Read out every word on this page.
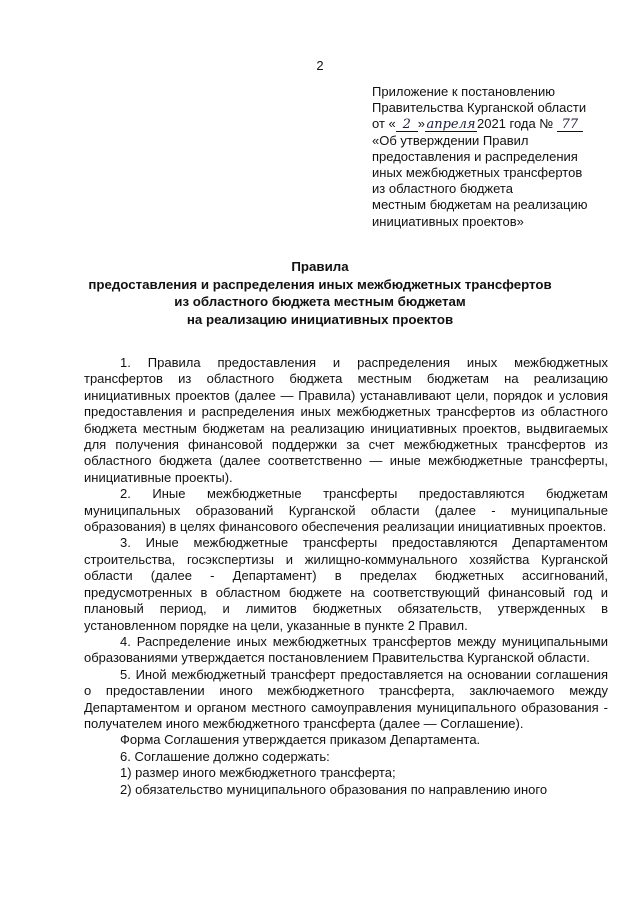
2
Приложение к постановлению
Правительства Курганской области
от « 2 »апреля2021 года № 77
«Об утверждении Правил
предоставления и распределения
иных межбюджетных трансфертов
из областного бюджета
местным бюджетам на реализацию
инициативных проектов»
Правила
предоставления и распределения иных межбюджетных трансфертов
из областного бюджета местным бюджетам
на реализацию инициативных проектов

1. Правила предоставления и распределения иных межбюджетных трансфертов из областного бюджета местным бюджетам на реализацию инициативных проектов (далее — Правила) устанавливают цели, порядок и условия предоставления и распределения иных межбюджетных трансфертов из областного бюджета местным бюджетам на реализацию инициативных проектов, выдвигаемых для получения финансовой поддержки за счет межбюджетных трансфертов из областного бюджета (далее соответственно — иные межбюджетные трансферты, инициативные проекты).

2. Иные межбюджетные трансферты предоставляются бюджетам муниципальных образований Курганской области (далее - муниципальные образования) в целях финансового обеспечения реализации инициативных проектов.

3. Иные межбюджетные трансферты предоставляются Департаментом строительства, госэкспертизы и жилищно-коммунального хозяйства Курганской области (далее - Департамент) в пределах бюджетных ассигнований, предусмотренных в областном бюджете на соответствующий финансовый год и плановый период, и лимитов бюджетных обязательств, утвержденных в установленном порядке на цели, указанные в пункте 2 Правил.

4. Распределение иных межбюджетных трансфертов между муниципальными образованиями утверждается постановлением Правительства Курганской области.

5. Иной межбюджетный трансферт предоставляется на основании соглашения о предоставлении иного межбюджетного трансферта, заключаемого между Департаментом и органом местного самоуправления муниципального образования - получателем иного межбюджетного трансферта (далее — Соглашение).

Форма Соглашения утверждается приказом Департамента.

6. Соглашение должно содержать:

1) размер иного межбюджетного трансферта;

2) обязательство муниципального образования по направлению иного
